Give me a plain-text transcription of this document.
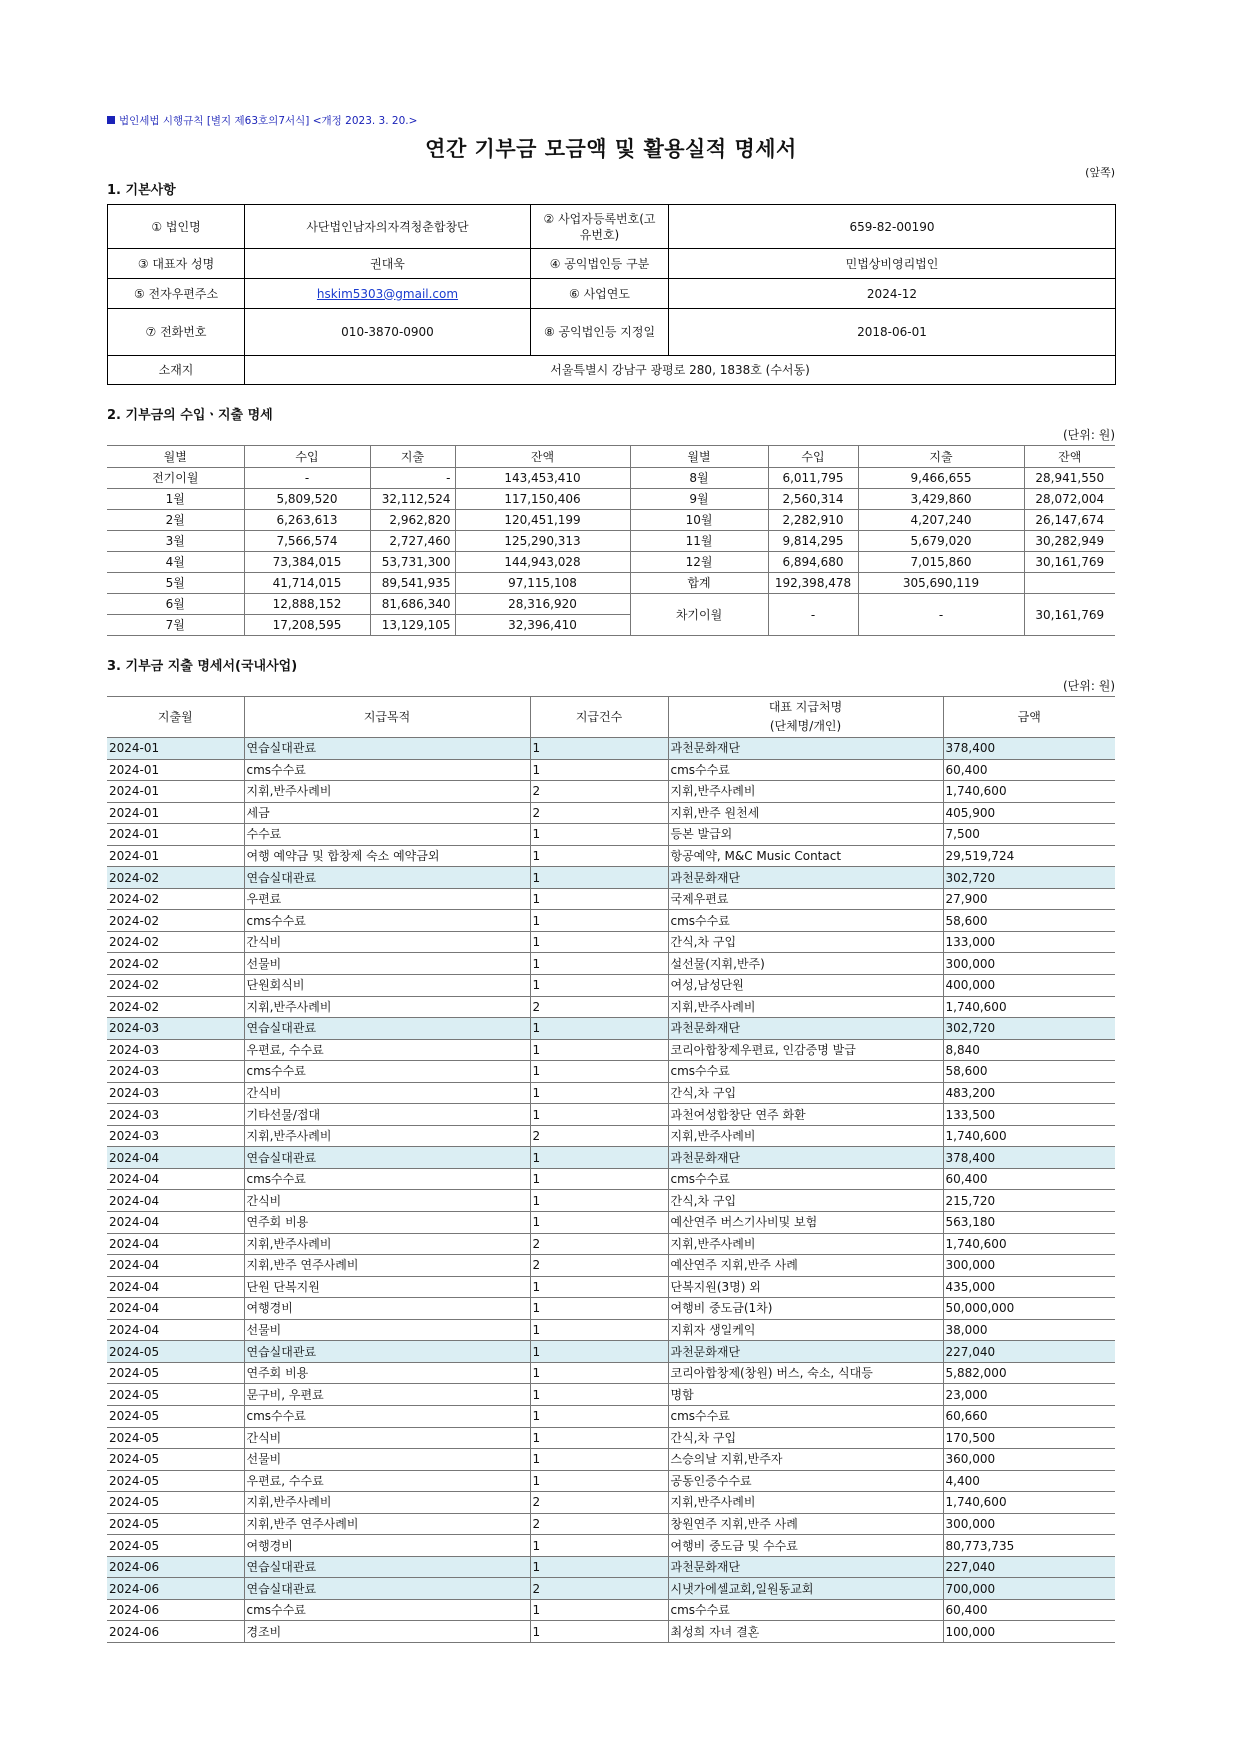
법인세법 시행규칙 [별지 제63호의7서식] <개정 2023. 3. 20.>
연간 기부금 모금액 및 활용실적 명세서
(앞쪽)
1. 기본사항
① 법인명	사단법인남자의자격청춘합창단	② 사업자등록번호(고
유번호)	659-82-00190
③ 대표자 성명	권대욱	④ 공익법인등 구분	민법상비영리법인
⑤ 전자우편주소	hskim5303@gmail.com	⑥ 사업연도	2024-12
⑦ 전화번호	010-3870-0900	⑧ 공익법인등 지정일	2018-06-01
소재지	서울특별시 강남구 광평로 280, 1838호 (수서동)		
2. 기부금의 수입ㆍ지출 명세
(단위: 원)
월별	수입	지출	잔액	월별	수입	지출	잔액
전기이월	-	-	143,453,410	8월	6,011,795	9,466,655	28,941,550
1월	5,809,520	32,112,524	117,150,406	9월	2,560,314	3,429,860	28,072,004
2월	6,263,613	2,962,820	120,451,199	10월	2,282,910	4,207,240	26,147,674
3월	7,566,574	2,727,460	125,290,313	11월	9,814,295	5,679,020	30,282,949
4월	73,384,015	53,731,300	144,943,028	12월	6,894,680	7,015,860	30,161,769
5월	41,714,015	89,541,935	97,115,108	합계	192,398,478	305,690,119	
6월	12,888,152	81,686,340	28,316,920	차기이월	-	-	30,161,769
7월	17,208,595	13,129,105	32,396,410				
3. 기부금 지출 명세서(국내사업)
(단위: 원)
지출월	지급목적	지급건수	대표 지급처명
(단체명/개인)	금액
2024-01	연습실대관료	1	과천문화재단	378,400
2024-01	cms수수료	1	cms수수료	60,400
2024-01	지휘,반주사례비	2	지휘,반주사례비	1,740,600
2024-01	세금	2	지휘,반주 원천세	405,900
2024-01	수수료	1	등본 발급외	7,500
2024-01	여행 예약금 및 합창제 숙소 예약금외	1	항공예약, M&C Music Contact	29,519,724
2024-02	연습실대관료	1	과천문화재단	302,720
2024-02	우편료	1	국제우편료	27,900
2024-02	cms수수료	1	cms수수료	58,600
2024-02	간식비	1	간식,차 구입	133,000
2024-02	선물비	1	설선물(지휘,반주)	300,000
2024-02	단원회식비	1	여성,남성단원	400,000
2024-02	지휘,반주사례비	2	지휘,반주사례비	1,740,600
2024-03	연습실대관료	1	과천문화재단	302,720
2024-03	우편료, 수수료	1	코리아합창제우편료, 인감증명 발급	8,840
2024-03	cms수수료	1	cms수수료	58,600
2024-03	간식비	1	간식,차 구입	483,200
2024-03	기타선물/접대	1	과천여성합창단 연주 화환	133,500
2024-03	지휘,반주사례비	2	지휘,반주사례비	1,740,600
2024-04	연습실대관료	1	과천문화재단	378,400
2024-04	cms수수료	1	cms수수료	60,400
2024-04	간식비	1	간식,차 구입	215,720
2024-04	연주회 비용	1	예산연주 버스기사비및 보험	563,180
2024-04	지휘,반주사례비	2	지휘,반주사례비	1,740,600
2024-04	지휘,반주 연주사례비	2	예산연주 지휘,반주 사례	300,000
2024-04	단원 단복지원	1	단복지원(3명) 외	435,000
2024-04	여행경비	1	여행비 중도금(1차)	50,000,000
2024-04	선물비	1	지휘자 생일케익	38,000
2024-05	연습실대관료	1	과천문화재단	227,040
2024-05	연주회 비용	1	코리아합창제(창원) 버스, 숙소, 식대등	5,882,000
2024-05	문구비, 우편료	1	명함	23,000
2024-05	cms수수료	1	cms수수료	60,660
2024-05	간식비	1	간식,차 구입	170,500
2024-05	선물비	1	스승의날 지휘,반주자	360,000
2024-05	우편료, 수수료	1	공동인증수수료	4,400
2024-05	지휘,반주사례비	2	지휘,반주사례비	1,740,600
2024-05	지휘,반주 연주사례비	2	창원연주 지휘,반주 사례	300,000
2024-05	여행경비	1	여행비 중도금 및 수수료	80,773,735
2024-06	연습실대관료	1	과천문화재단	227,040
2024-06	연습실대관료	2	시냇가에셀교회,일원동교회	700,000
2024-06	cms수수료	1	cms수수료	60,400
2024-06	경조비	1	최성희 자녀 결혼	100,000
